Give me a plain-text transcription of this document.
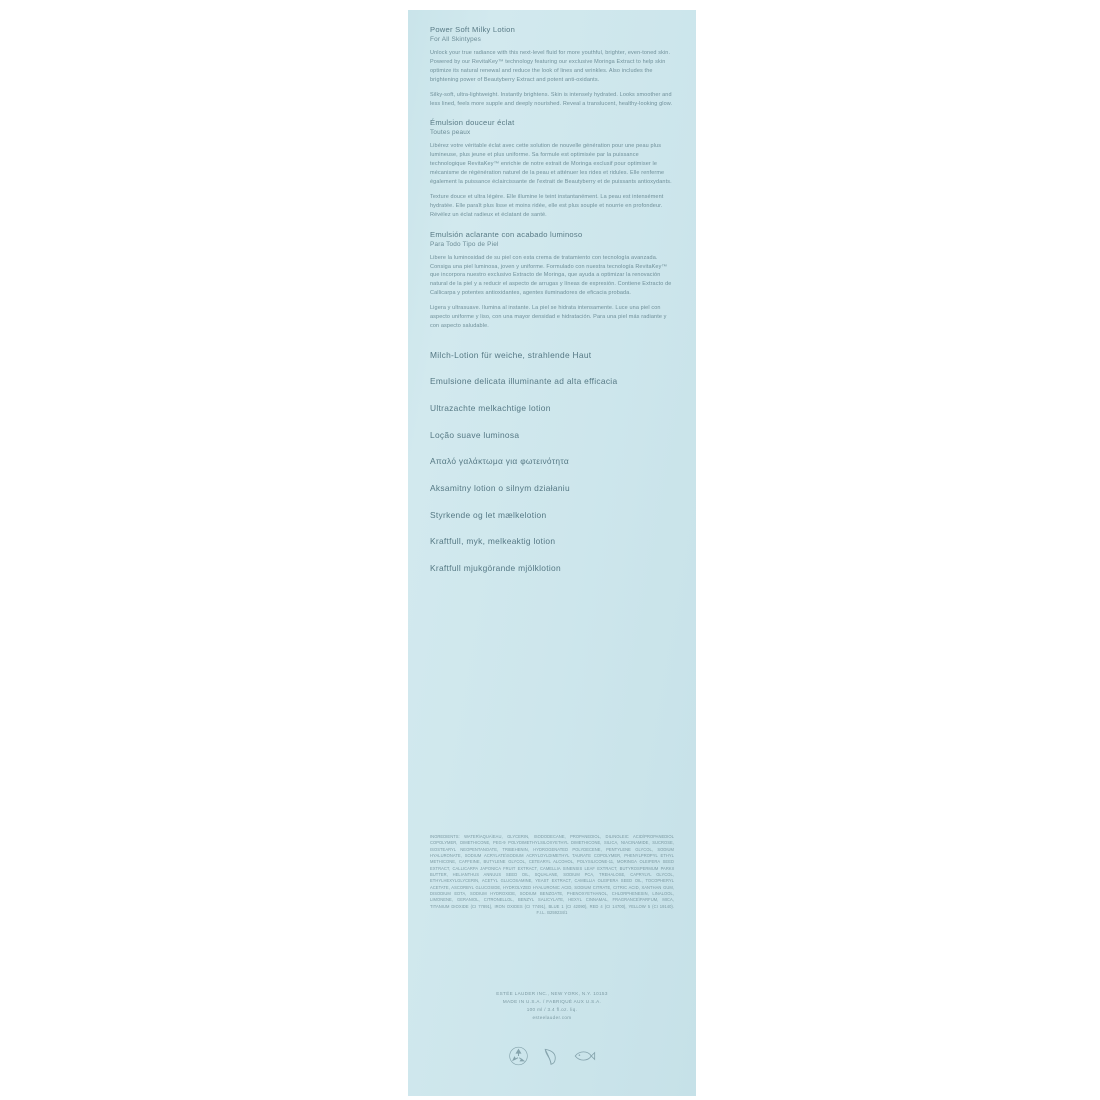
Power Soft Milky Lotion
For All Skintypes

Unlock your true radiance with this next-level fluid for more youthful, brighter, even-toned skin. Powered by our RevitaKey™ technology featuring our exclusive Moringa Extract to help skin optimize its natural renewal and reduce the look of lines and wrinkles. Also includes the brightening power of Beautyberry Extract and potent anti-oxidants.

Silky-soft, ultra-lightweight. Instantly brightens. Skin is intensely hydrated. Looks smoother and less lined, feels more supple and deeply nourished. Reveal a translucent, healthy-looking glow.

Émulsion douceur éclat
Toutes peaux

Libérez votre véritable éclat avec cette solution de nouvelle génération pour une peau plus lumineuse, plus jeune et plus uniforme. Sa formule est optimisée par la puissance technologique RevitaKey™ enrichie de notre extrait de Moringa exclusif pour optimiser le mécanisme de régénération naturel de la peau et atténuer les rides et ridules. Elle renferme également la puissance éclaircissante de l'extrait de Beautyberry et de puissants antioxydants.

Texture douce et ultra légère. Elle illumine le teint instantanément. La peau est intensément hydratée. Elle paraît plus lisse et moins ridée, elle est plus souple et nourrie en profondeur. Révélez un éclat radieux et éclatant de santé.

Emulsión aclarante con acabado luminoso
Para Todo Tipo de Piel

Libere la luminosidad de su piel con esta crema de tratamiento con tecnología avanzada. Consiga una piel luminosa, joven y uniforme. Formulado con nuestra tecnología RevitaKey™ que incorpora nuestro exclusivo Extracto de Moringa, que ayuda a optimizar la renovación natural de la piel y a reducir el aspecto de arrugas y líneas de expresión. Contiene Extracto de Callicarpa y potentes antioxidantes, agentes iluminadores de eficacia probada.

Ligera y ultrasuave. Ilumina al instante. La piel se hidrata intensamente. Luce una piel con aspecto uniforme y liso, con una mayor densidad e hidratación. Para una piel más radiante y con aspecto saludable.

Milch-Lotion für weiche, strahlende Haut
Emulsione delicata illuminante ad alta efficacia
Ultrazachte melkachtige lotion
Loção suave luminosa
Απαλό γαλάκτωμα για φωτεινότητα
Aksamitny lotion o silnym działaniu
Styrkende og let mælkelotion
Kraftfull, myk, melkeaktig lotion
Kraftfull mjukgörande mjölklotion
INGREDIENTS: WATER\AQUA\EAU, GLYCERIN, ISODODECANE, PROPANEDIOL, DILINOLEIC ACID\PROPANEDIOL COPOLYMER, DIMETHICONE, PEG-9 POLYDIMETHYLSILOXYETHYL DIMETHICONE, SILICA, NIACINAMIDE, SUCROSE, ISOSTEARYL NEOPENTANOATE, TRIBEHENIN, HYDROGENATED POLYDECENE, PENTYLENE GLYCOL, SODIUM HYALURONATE, SODIUM ACRYLATE\SODIUM ACRYLOYLDIMETHYL TAURATE COPOLYMER, PHENYLPROPYL ETHYL METHICONE, CAFFEINE, BUTYLENE GLYCOL, CETEARYL ALCOHOL, POLYSILICONE-11, MORINGA OLEIFERA SEED EXTRACT, CALLICARPA JAPONICA FRUIT EXTRACT, CAMELLIA SINENSIS LEAF EXTRACT, BUTYROSPERMUM PARKII BUTTER, HELIANTHUS ANNUUS SEED OIL, SQUALANE, SODIUM PCA, TREHALOSE, CAPRYLYL GLYCOL, ETHYLHEXYLGLYCERIN, ACETYL GLUCOSAMINE, YEAST EXTRACT, CAMELLIA OLEIFERA SEED OIL, TOCOPHERYL ACETATE, ASCORBYL GLUCOSIDE, HYDROLYZED HYALURONIC ACID, SODIUM CITRATE, CITRIC ACID, XANTHAN GUM, DISODIUM EDTA, SODIUM HYDROXIDE, SODIUM BENZOATE, PHENOXYETHANOL, CHLORPHENESIN, LINALOOL, LIMONENE, GERANIOL, CITRONELLOL, BENZYL SALICYLATE, HEXYL CINNAMAL, FRAGRANCE\PARFUM, MICA, TITANIUM DIOXIDE (CI 77891), IRON OXIDES (CI 77491), BLUE 1 (CI 42090), RED 4 (CI 14700), YELLOW 5 (CI 19140). F.I.L. B259234/1
ESTÉE LAUDER INC., NEW YORK, N.Y. 10153
MADE IN U.S.A. / FABRIQUÉ AUX U.S.A.
100 ml / 3.4 fl.oz. liq.
esteelauder.com
